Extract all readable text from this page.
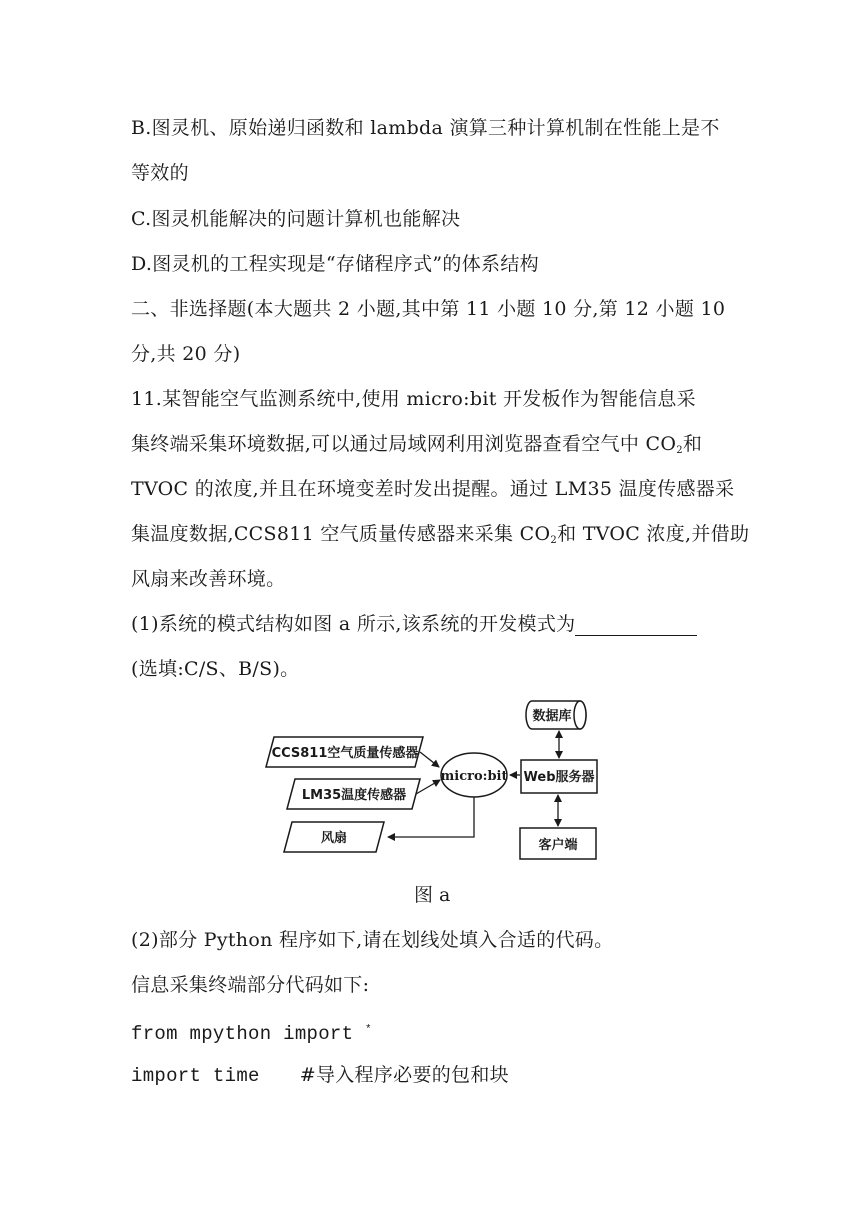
B.图灵机、原始递归函数和 lambda 演算三种计算机制在性能上是不
等效的
C.图灵机能解决的问题计算机也能解决
D.图灵机的工程实现是“存储程序式”的体系结构
二、非选择题(本大题共 2 小题,其中第 11 小题 10 分,第 12 小题 10
分,共 20 分)
11.某智能空气监测系统中,使用 micro:bit 开发板作为智能信息采
集终端采集环境数据,可以通过局域网利用浏览器查看空气中 $CO_2$和
TVOC 的浓度,并且在环境变差时发出提醒。通过 LM35 温度传感器采
集温度数据,CCS811 空气质量传感器来采集 $CO_2$和 TVOC 浓度,并借助
风扇来改善环境。
(1)系统的模式结构如图 a 所示,该系统的开发模式为
(选填:C/S、B/S)。
数据库
CCS811空气质量传感器
LM35温度传感器
micro:bit Web服务器
风扇	客户端
图 a
(2)部分 Python 程序如下,请在划线处填入合适的代码。
信息采集终端部分代码如下:
from mpython import *
import time #导入程序必要的包和块
